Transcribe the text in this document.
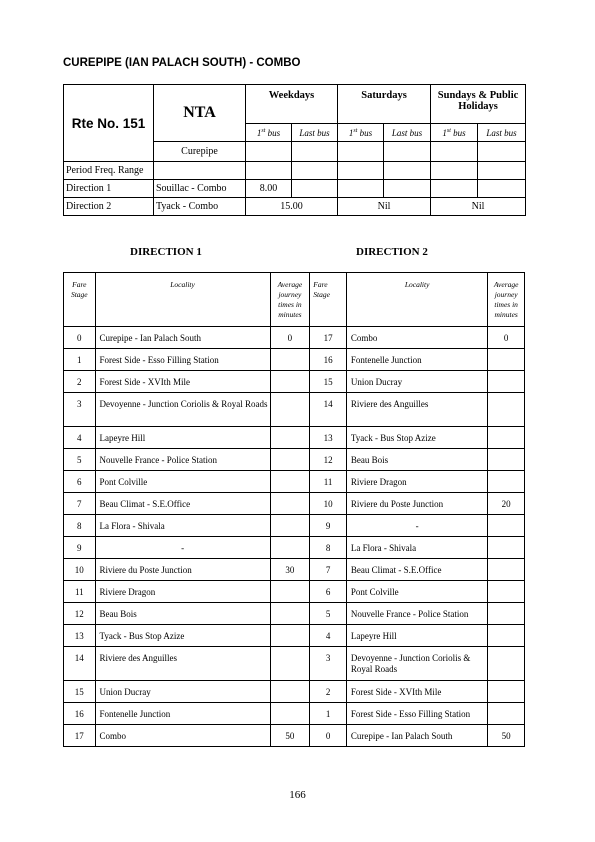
CUREPIPE (IAN PALACH SOUTH) - COMBO
Rte No. 151	NTA	Weekdays		Saturdays		Sundays & Public Holidays	
		1st bus	Last bus	1st bus	Last bus	1st bus	Last bus
	Curepipe						
Period Freq. Range							
Direction 1	Souillac - Combo	8.00					
Direction 2	Tyack - Combo	15.00		Nil		Nil	
DIRECTION 1	DIRECTION 2
Fare Stage	Locality	Average journey times in minutes	Fare Stage	Locality	Average journey times in minutes
0	Curepipe - Ian Palach South	0	17	Combo	0
1	Forest Side - Esso Filling Station		16	Fontenelle Junction	
2	Forest Side - XVIth Mile		15	Union Ducray	
3	Devoyenne - Junction Coriolis & Royal Roads		14	Riviere des Anguilles	
4	Lapeyre Hill		13	Tyack - Bus Stop Azize	
5	Nouvelle France - Police Station		12	Beau Bois	
6	Pont Colville		11	Riviere Dragon	
7	Beau Climat - S.E.Office		10	Riviere du Poste Junction	20
8	La Flora - Shivala		9	-	
9	-		8	La Flora - Shivala	
10	Riviere du Poste Junction	30	7	Beau Climat - S.E.Office	
11	Riviere Dragon		6	Pont Colville	
12	Beau Bois		5	Nouvelle France - Police Station	
13	Tyack - Bus Stop Azize		4	Lapeyre Hill	
14	Riviere des Anguilles		3	Devoyenne - Junction Coriolis & Royal Roads	
15	Union Ducray		2	Forest Side - XVIth Mile	
16	Fontenelle Junction		1	Forest Side - Esso Filling Station	
17	Combo	50	0	Curepipe - Ian Palach South	50
166
